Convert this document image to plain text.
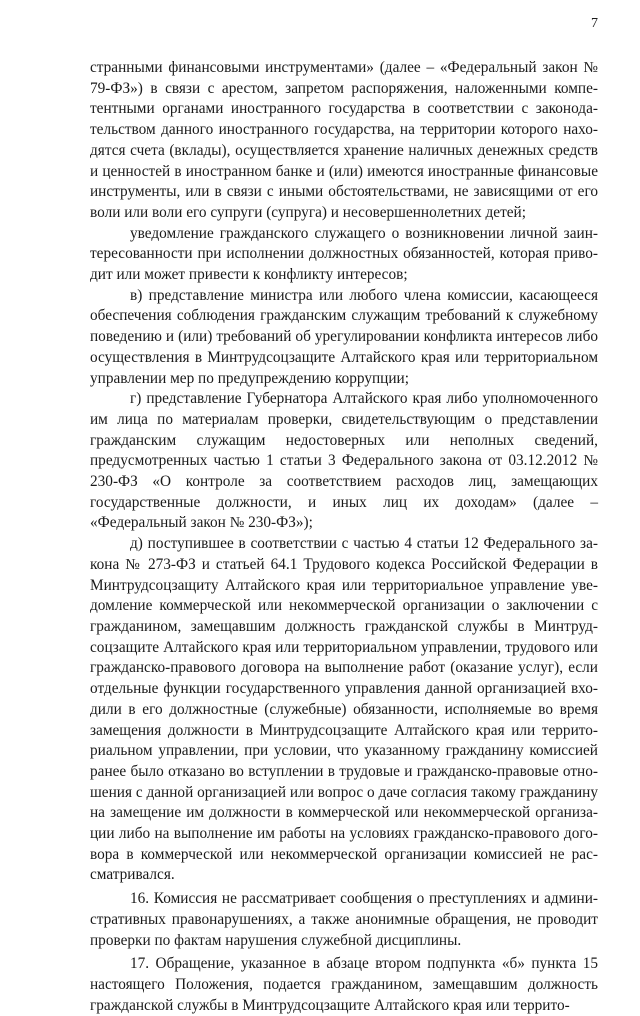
7

странными финансовыми инструментами» (далее – «Федеральный закон № 79-ФЗ») в связи с арестом, запретом распоряжения, наложенными компетентными органами иностранного государства в соответствии с законодательством данного иностранного государства, на территории которого находятся счета (вклады), осуществляется хранение наличных денежных средств и ценностей в иностранном банке и (или) имеются иностранные финансовые инструменты, или в связи с иными обстоятельствами, не зависящими от его воли или воли его супруги (супруга) и несовершеннолетних детей;

уведомление гражданского служащего о возникновении личной заинтересованности при исполнении должностных обязанностей, которая приводит или может привести к конфликту интересов;

в) представление министра или любого члена комиссии, касающееся обеспечения соблюдения гражданским служащим требований к служебному поведению и (или) требований об урегулировании конфликта интересов либо осуществления в Минтрудсоцзащите Алтайского края или территориальном управлении мер по предупреждению коррупции;

г) представление Губернатора Алтайского края либо уполномоченного им лица по материалам проверки, свидетельствующим о представлении гражданским служащим недостоверных или неполных сведений, предусмотренных частью 1 статьи 3 Федерального закона от 03.12.2012 № 230-ФЗ «О контроле за соответствием расходов лиц, замещающих государственные должности, и иных лиц их доходам» (далее – «Федеральный закон № 230-ФЗ»);

д) поступившее в соответствии с частью 4 статьи 12 Федерального закона № 273-ФЗ и статьей 64.1 Трудового кодекса Российской Федерации в Минтрудсоцзащиту Алтайского края или территориальное управление уведомление коммерческой или некоммерческой организации о заключении с гражданином, замещавшим должность гражданской службы в Минтрудсоцзащите Алтайского края или территориальном управлении, трудового или гражданско-правового договора на выполнение работ (оказание услуг), если отдельные функции государственного управления данной организацией входили в его должностные (служебные) обязанности, исполняемые во время замещения должности в Минтрудсоцзащите Алтайского края или территориальном управлении, при условии, что указанному гражданину комиссией ранее было отказано во вступлении в трудовые и гражданско-правовые отношения с данной организацией или вопрос о даче согласия такому гражданину на замещение им должности в коммерческой или некоммерческой организации либо на выполнение им работы на условиях гражданско-правового договора в коммерческой или некоммерческой организации комиссией не рассматривался.

16. Комиссия не рассматривает сообщения о преступлениях и административных правонарушениях, а также анонимные обращения, не проводит проверки по фактам нарушения служебной дисциплины.

17. Обращение, указанное в абзаце втором подпункта «б» пункта 15 настоящего Положения, подается гражданином, замещавшим должность гражданской службы в Минтрудсоцзащите Алтайского края или террито-
